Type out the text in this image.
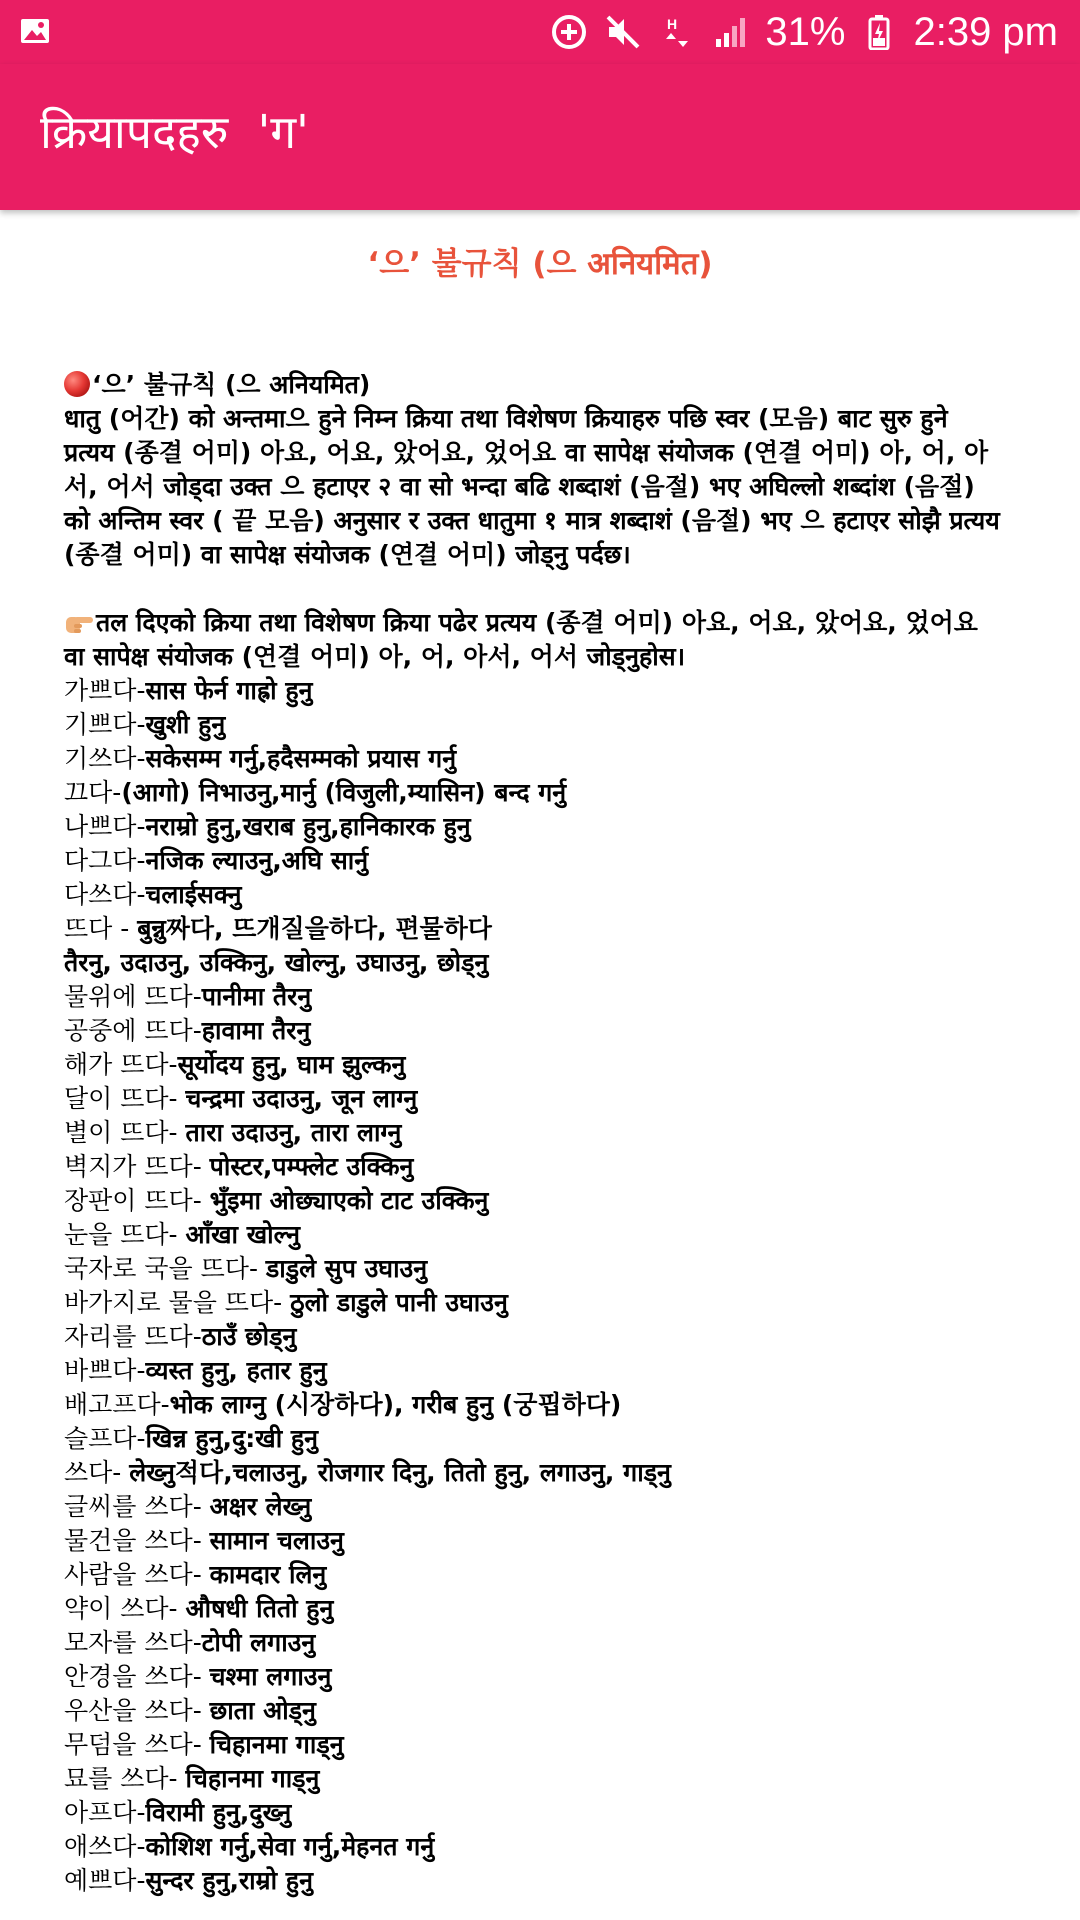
H 31% 2:39 pm
क्रियापदहरु  'ग'
‘으’ 불규칙 (으 अनियमित)
‘으’ 불규칙 (으 अनियमित)

धातु (어간) को अन्तमा으 हुने निम्न क्रिया तथा विशेषण क्रियाहरु पछि स्वर (모음) बाट सुरु हुने प्रत्यय (종결 어미) 아요, 어요, 았어요, 었어요 वा सापेक्ष संयोजक (연결 어미) 아, 어, 아서, 어서 जोड्दा उक्त 으 हटाएर २ वा सो भन्दा बढि शब्दाशं (음절) भए अघिल्लो शब्दांश (음절) को अन्तिम स्वर ( 끝 모음) अनुसार र उक्त धातुमा १ मात्र शब्दाशं (음절) भए 으 हटाएर सोझै प्रत्यय (종결 어미) वा सापेक्ष संयोजक (연결 어미) जोड्नु पर्दछ।

तल दिएको क्रिया तथा विशेषण क्रिया पढेर प्रत्यय (종결 어미) 아요, 어요, 았어요, 었어요 वा सापेक्ष संयोजक (연결 어미) 아, 어, 아서, 어서 जोड्नुहोस।

가쁘다-सास फेर्न गाह्रो हुनु
기쁘다-खुशी हुनु
기쓰다-सकेसम्म गर्नु,हदैसम्मको प्रयास गर्नु
끄다-(आगो) निभाउनु,मार्नु (विजुली,म्यासिन) बन्द गर्नु
나쁘다-नराम्रो हुनु,खराब हुनु,हानिकारक हुनु
다그다-नजिक ल्याउनु,अघि सार्नु
다쓰다-चलाईसक्नु
뜨다 - बुन्नु짜다, 뜨개질을하다, 편물하다
तैरनु, उदाउनु, उक्किनु, खोल्नु, उघाउनु, छोड्नु
물위에 뜨다-पानीमा तैरनु
공중에 뜨다-हावामा तैरनु
해가 뜨다-सूर्योदय हुनु, घाम झुल्कनु
달이 뜨다- चन्द्रमा उदाउनु, जून लाग्नु
별이 뜨다- तारा उदाउनु, तारा लाग्नु
벽지가 뜨다- पोस्टर,पम्फ्लेट उक्किनु
장판이 뜨다- भुँइमा ओछ्याएको टाट उक्किनु
눈을 뜨다- आँखा खोल्नु
국자로 국을 뜨다- डाडुले सुप उघाउनु
바가지로 물을 뜨다- ठुलो डाडुले पानी उघाउनु
자리를 뜨다-ठाउँ छोड्नु
바쁘다-व्यस्त हुनु, हतार हुनु
배고프다-भोक लाग्नु (시장하다), गरीब हुनु (궁핍하다)
슬프다-खिन्न हुनु,दु:खी हुनु
쓰다- लेख्नु적다,चलाउनु, रोजगार दिनु, तितो हुनु, लगाउनु, गाड्नु
글씨를 쓰다- अक्षर लेख्नु
물건을 쓰다- सामान चलाउनु
사람을 쓰다- कामदार लिनु
약이 쓰다- औषधी तितो हुनु
모자를 쓰다-टोपी लगाउनु
안경을 쓰다- चश्मा लगाउनु
우산을 쓰다- छाता ओड्नु
무덤을 쓰다- चिहानमा गाड्नु
묘를 쓰다- चिहानमा गाड्नु
아프다-विरामी हुनु,दुख्नु
애쓰다-कोशिश गर्नु,सेवा गर्नु,मेहनत गर्नु
예쁘다-सुन्दर हुनु,राम्रो हुनु
